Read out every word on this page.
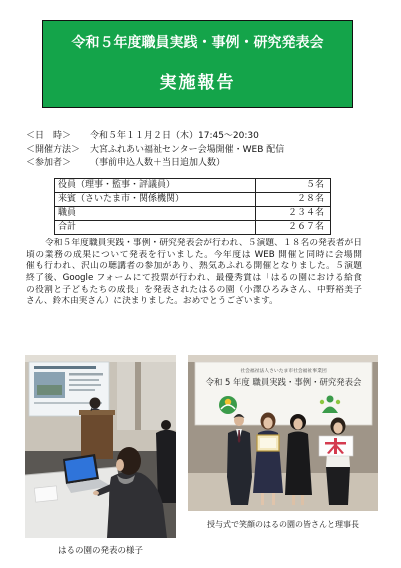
令和５年度職員実践・事例・研究発表会
実施報告
＜日　時＞	令和５年１１月２日（木）17:45～20:30
＜開催方法＞	大宮ふれあい福祉センター会場開催・WEB 配信
＜参加者＞	（事前申込人数＋当日追加人数）
役員（理事・監事・評議員）	５名
来賓（さいたま市・関係機関）	２８名
職員	２３４名
合計	２６７名
令和５年度職員実践・事例・研究発表会が行われ、５演題、１８名の発表者が日
頃の業務の成果について発表を行いました。今年度は WEB 開催と同時に会場開
催も行われ、沢山の聴講者の参加があり、熱気あふれる開催となりました。５演題
終了後、Google フォームにて投票が行われ、最優秀賞は「はるの園における給食
の役割と子どもたちの成長」を発表されたはるの園（小澤ひろみさん、中野裕美子
さん、鈴木由実さん）に決まりました。おめでとうございます。
はるの園の発表の様子
社会福祉法人さいたま市社会福祉事業団
令和 5 年度 職員実践・事例・研究発表会
授与式で笑顔のはるの園の皆さんと理事長
